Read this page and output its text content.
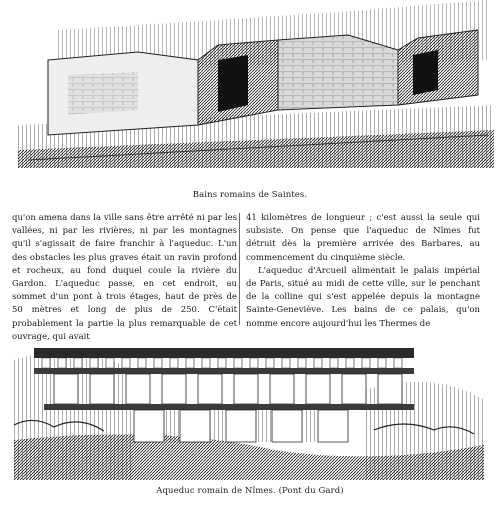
Bains romains de Saintes.

qu'on amena dans la ville sans être arrêté ni par les vallées, ni par les rivières, ni par les montagnes qu'il s'agissait de faire franchir à l'aqueduc. L'un des obstacles les plus graves était un ravin profond et rocheux, au fond duquel coule la rivière du Gardon. L'aqueduc passe, en cet endroit, au sommet d'un pont à trois étages, haut de près de 50 mètres et long de plus de 250. C'était probablement la partie la plus remarquable de cet ouvrage, qui avait

41 kilomètres de longueur ; c'est aussi la seule qui subsiste. On pense que l'aqueduc de Nîmes fut détruit dès la première arrivée des Barbares, au commencement du cinquième siècle.

L'aqueduc d'Arcueil alimentait le palais impérial de Paris, situé au midi de cette ville, sur le penchant de la colline qui s'est appelée depuis la montagne Sainte-Geneviève. Les bains de ce palais, qu'on nomme encore aujourd'hui les Thermes de

Aqueduc romain de Nîmes. (Pont du Gard)
